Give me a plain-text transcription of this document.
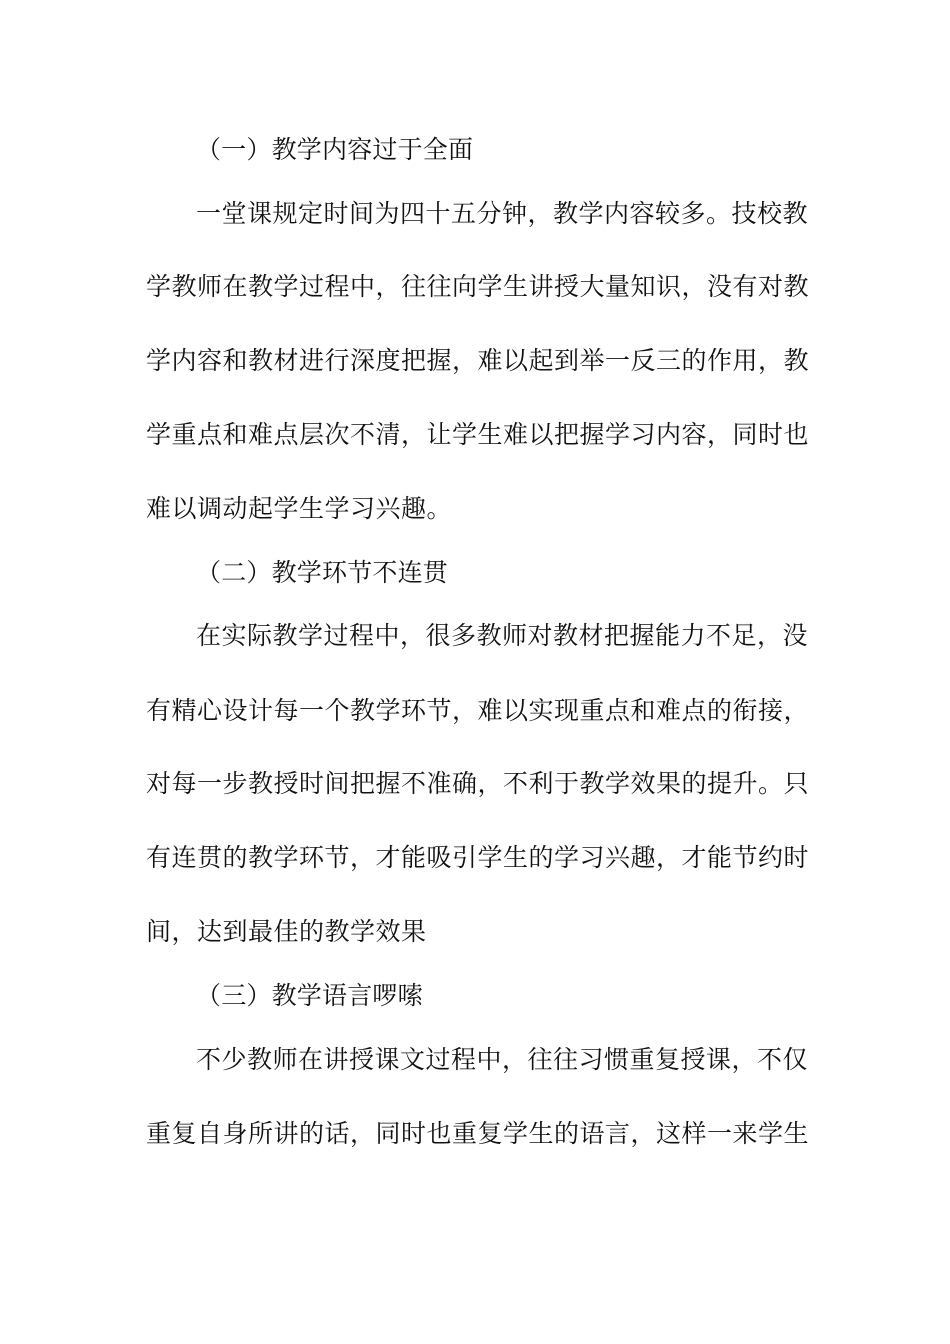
（一）教学内容过于全面
一堂课规定时间为四十五分钟，教学内容较多。技校教
学教师在教学过程中，往往向学生讲授大量知识，没有对教
学内容和教材进行深度把握，难以起到举一反三的作用，教
学重点和难点层次不清，让学生难以把握学习内容，同时也
难以调动起学生学习兴趣。
（二）教学环节不连贯
在实际教学过程中，很多教师对教材把握能力不足，没
有精心设计每一个教学环节，难以实现重点和难点的衔接，
对每一步教授时间把握不准确，不利于教学效果的提升。只
有连贯的教学环节，才能吸引学生的学习兴趣，才能节约时
间，达到最佳的教学效果
（三）教学语言啰嗦
不少教师在讲授课文过程中，往往习惯重复授课，不仅
重复自身所讲的话，同时也重复学生的语言，这样一来学生
